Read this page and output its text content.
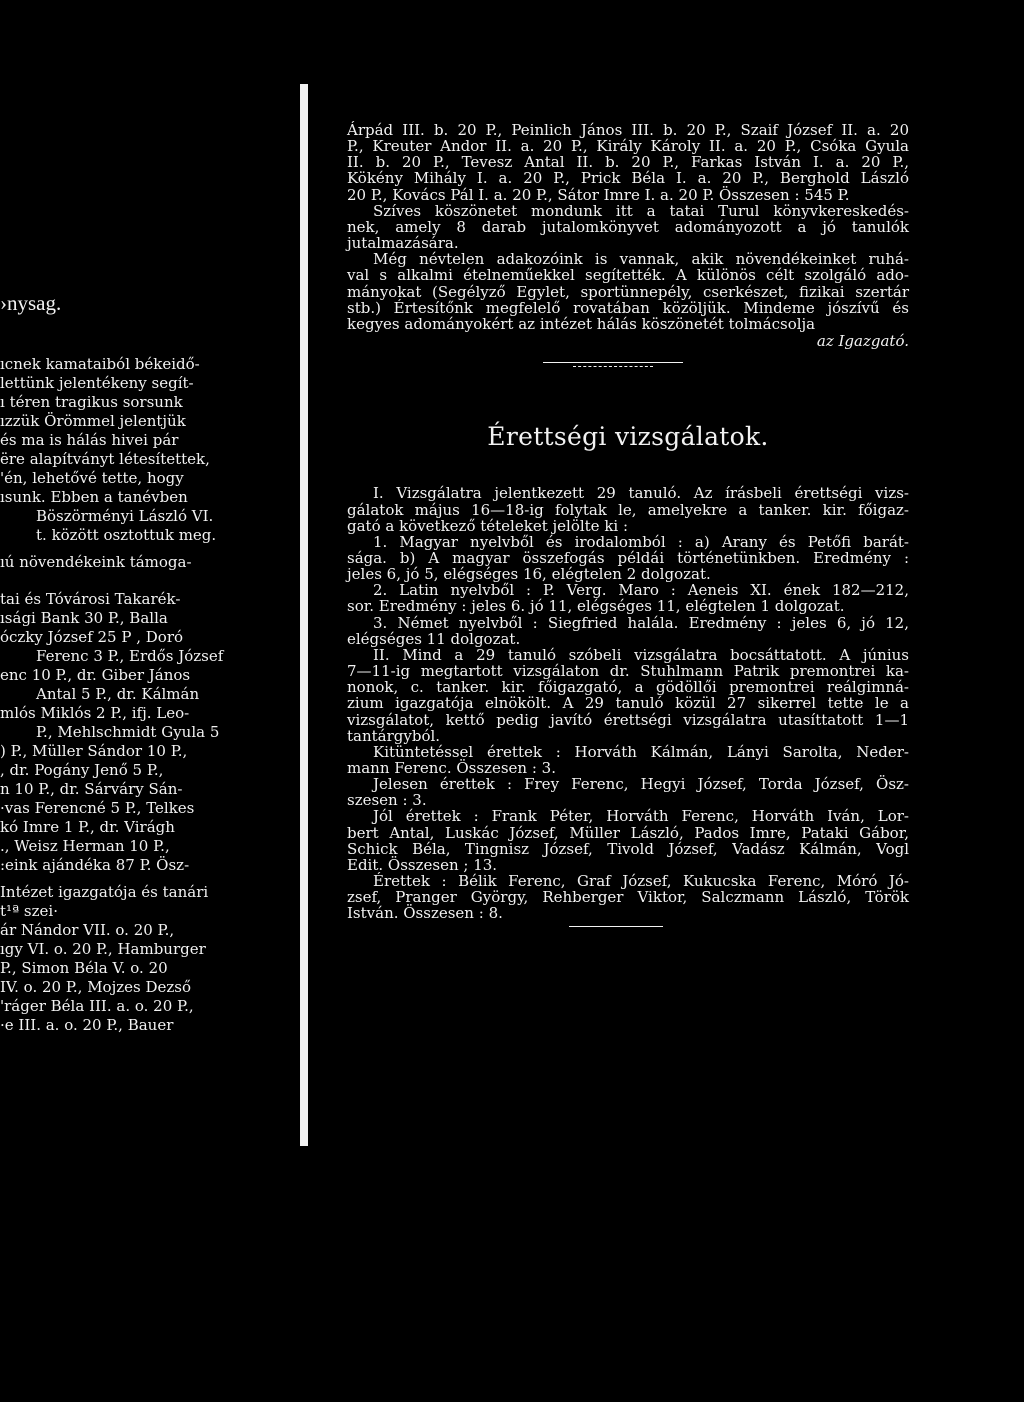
›nysag.
ıcnek kamataiból békeidő-
lettünk jelentékeny segít-
ı téren tragikus sorsunk
ızzük Örömmel jelentjük
és ma is hálás hivei pár
ëre alapítványt létesítettek,
'én, lehetővé tette, hogy
ısunk. Ebben a tanévben
Böszörményi László VI.
t. között osztottuk meg.
ıú növendékeink támoga-
tai és Tóvárosi Takarék-
ısági Bank 30 P., Balla
óczky József 25 P , Doró
Ferenc 3 P., Erdős József
enc 10 P., dr. Giber János
Antal 5 P., dr. Kálmán
mlós Miklós 2 P., ifj. Leo-
P., Mehlschmidt Gyula 5
) P., Müller Sándor 10 P.,
, dr. Pogány Jenő 5 P.,
n 10 P., dr. Sárváry Sán-
·vas Ferencné 5 P., Telkes
kó Imre 1 P., dr. Virágh
., Weisz Herman 10 P.,
:eink ajándéka 87 P. Ösz-
Intézet igazgatója és tanári
t¹ª szei·
ár Nándor VII. o. 20 P.,
ıgy VI. o. 20 P., Hamburger
P., Simon Béla V. o. 20
IV. o. 20 P., Mojzes Dezső
'ráger Béla III. a. o. 20 P.,
·e III. a. o. 20 P., Bauer

Árpád III. b. 20 P., Peinlich János III. b. 20 P., Szaif József II. a. 20

P., Kreuter Andor II. a. 20 P., Király Károly II. a. 20 P., Csóka Gyula

II. b. 20 P., Tevesz Antal II. b. 20 P., Farkas István I. a. 20 P.,

Kökény Mihály I. a. 20 P., Prick Béla I. a. 20 P., Berghold László

20 P., Kovács Pál I. a. 20 P., Sátor Imre I. a. 20 P. Összesen : 545 P.

Szíves köszönetet mondunk itt a tatai Turul könyvkereskedés-

nek, amely 8 darab jutalomkönyvet adományozott a jó tanulók

jutalmazására.

Még névtelen adakozóink is vannak, akik növendékeinket ruhá-

val s alkalmi ételneműekkel segítették. A különös célt szolgáló ado-

mányokat (Segélyző Egylet, sportünnepély, cserkészet, fizikai szertár

stb.) Értesítőnk megfelelő rovatában közöljük. Mindeme jószívű és

kegyes adományokért az intézet hálás köszönetét tolmácsolja

az Igazgató.

Érettségi vizsgálatok.

I. Vizsgálatra jelentkezett 29 tanuló. Az írásbeli érettségi vizs-

gálatok május 16—18-ig folytak le, amelyekre a tanker. kir. főigaz-

gató a következő tételeket jelölte ki :

1. Magyar nyelvből és irodalomból : a) Arany és Petőfi barát-

sága. b) A magyar összefogás példái történetünkben. Eredmény :

jeles 6, jó 5, elégséges 16, elégtelen 2 dolgozat.

2. Latin nyelvből : P. Verg. Maro : Aeneis XI. ének 182—212,

sor. Eredmény : jeles 6. jó 11, elégséges 11, elégtelen 1 dolgozat.

3. Német nyelvből : Siegfried halála. Eredmény : jeles 6, jó 12,

elégséges 11 dolgozat.

II. Mind a 29 tanuló szóbeli vizsgálatra bocsáttatott. A június

7—11-ig megtartott vizsgálaton dr. Stuhlmann Patrik premontrei ka-

nonok, c. tanker. kir. főigazgató, a gödöllői premontrei reálgimná-

zium igazgatója elnökölt. A 29 tanuló közül 27 sikerrel tette le a

vizsgálatot, kettő pedig javító érettségi vizsgálatra utasíttatott 1—1

tantárgyból.

Kitüntetéssel érettek : Horváth Kálmán, Lányi Sarolta, Neder-

mann Ferenc. Összesen : 3.

Jelesen érettek : Frey Ferenc, Hegyi József, Torda József, Ösz-

szesen : 3.

Jól érettek : Frank Péter, Horváth Ferenc, Horváth Iván, Lor-

bert Antal, Luskác József, Müller László, Pados Imre, Pataki Gábor,

Schick Béla, Tingnisz József, Tivold József, Vadász Kálmán, Vogl

Edit. Összesen ; 13.

Érettek : Bélik Ferenc, Graf József, Kukucska Ferenc, Móró Jó-

zsef, Pranger György, Rehberger Viktor, Salczmann László, Török

István. Összesen : 8.
